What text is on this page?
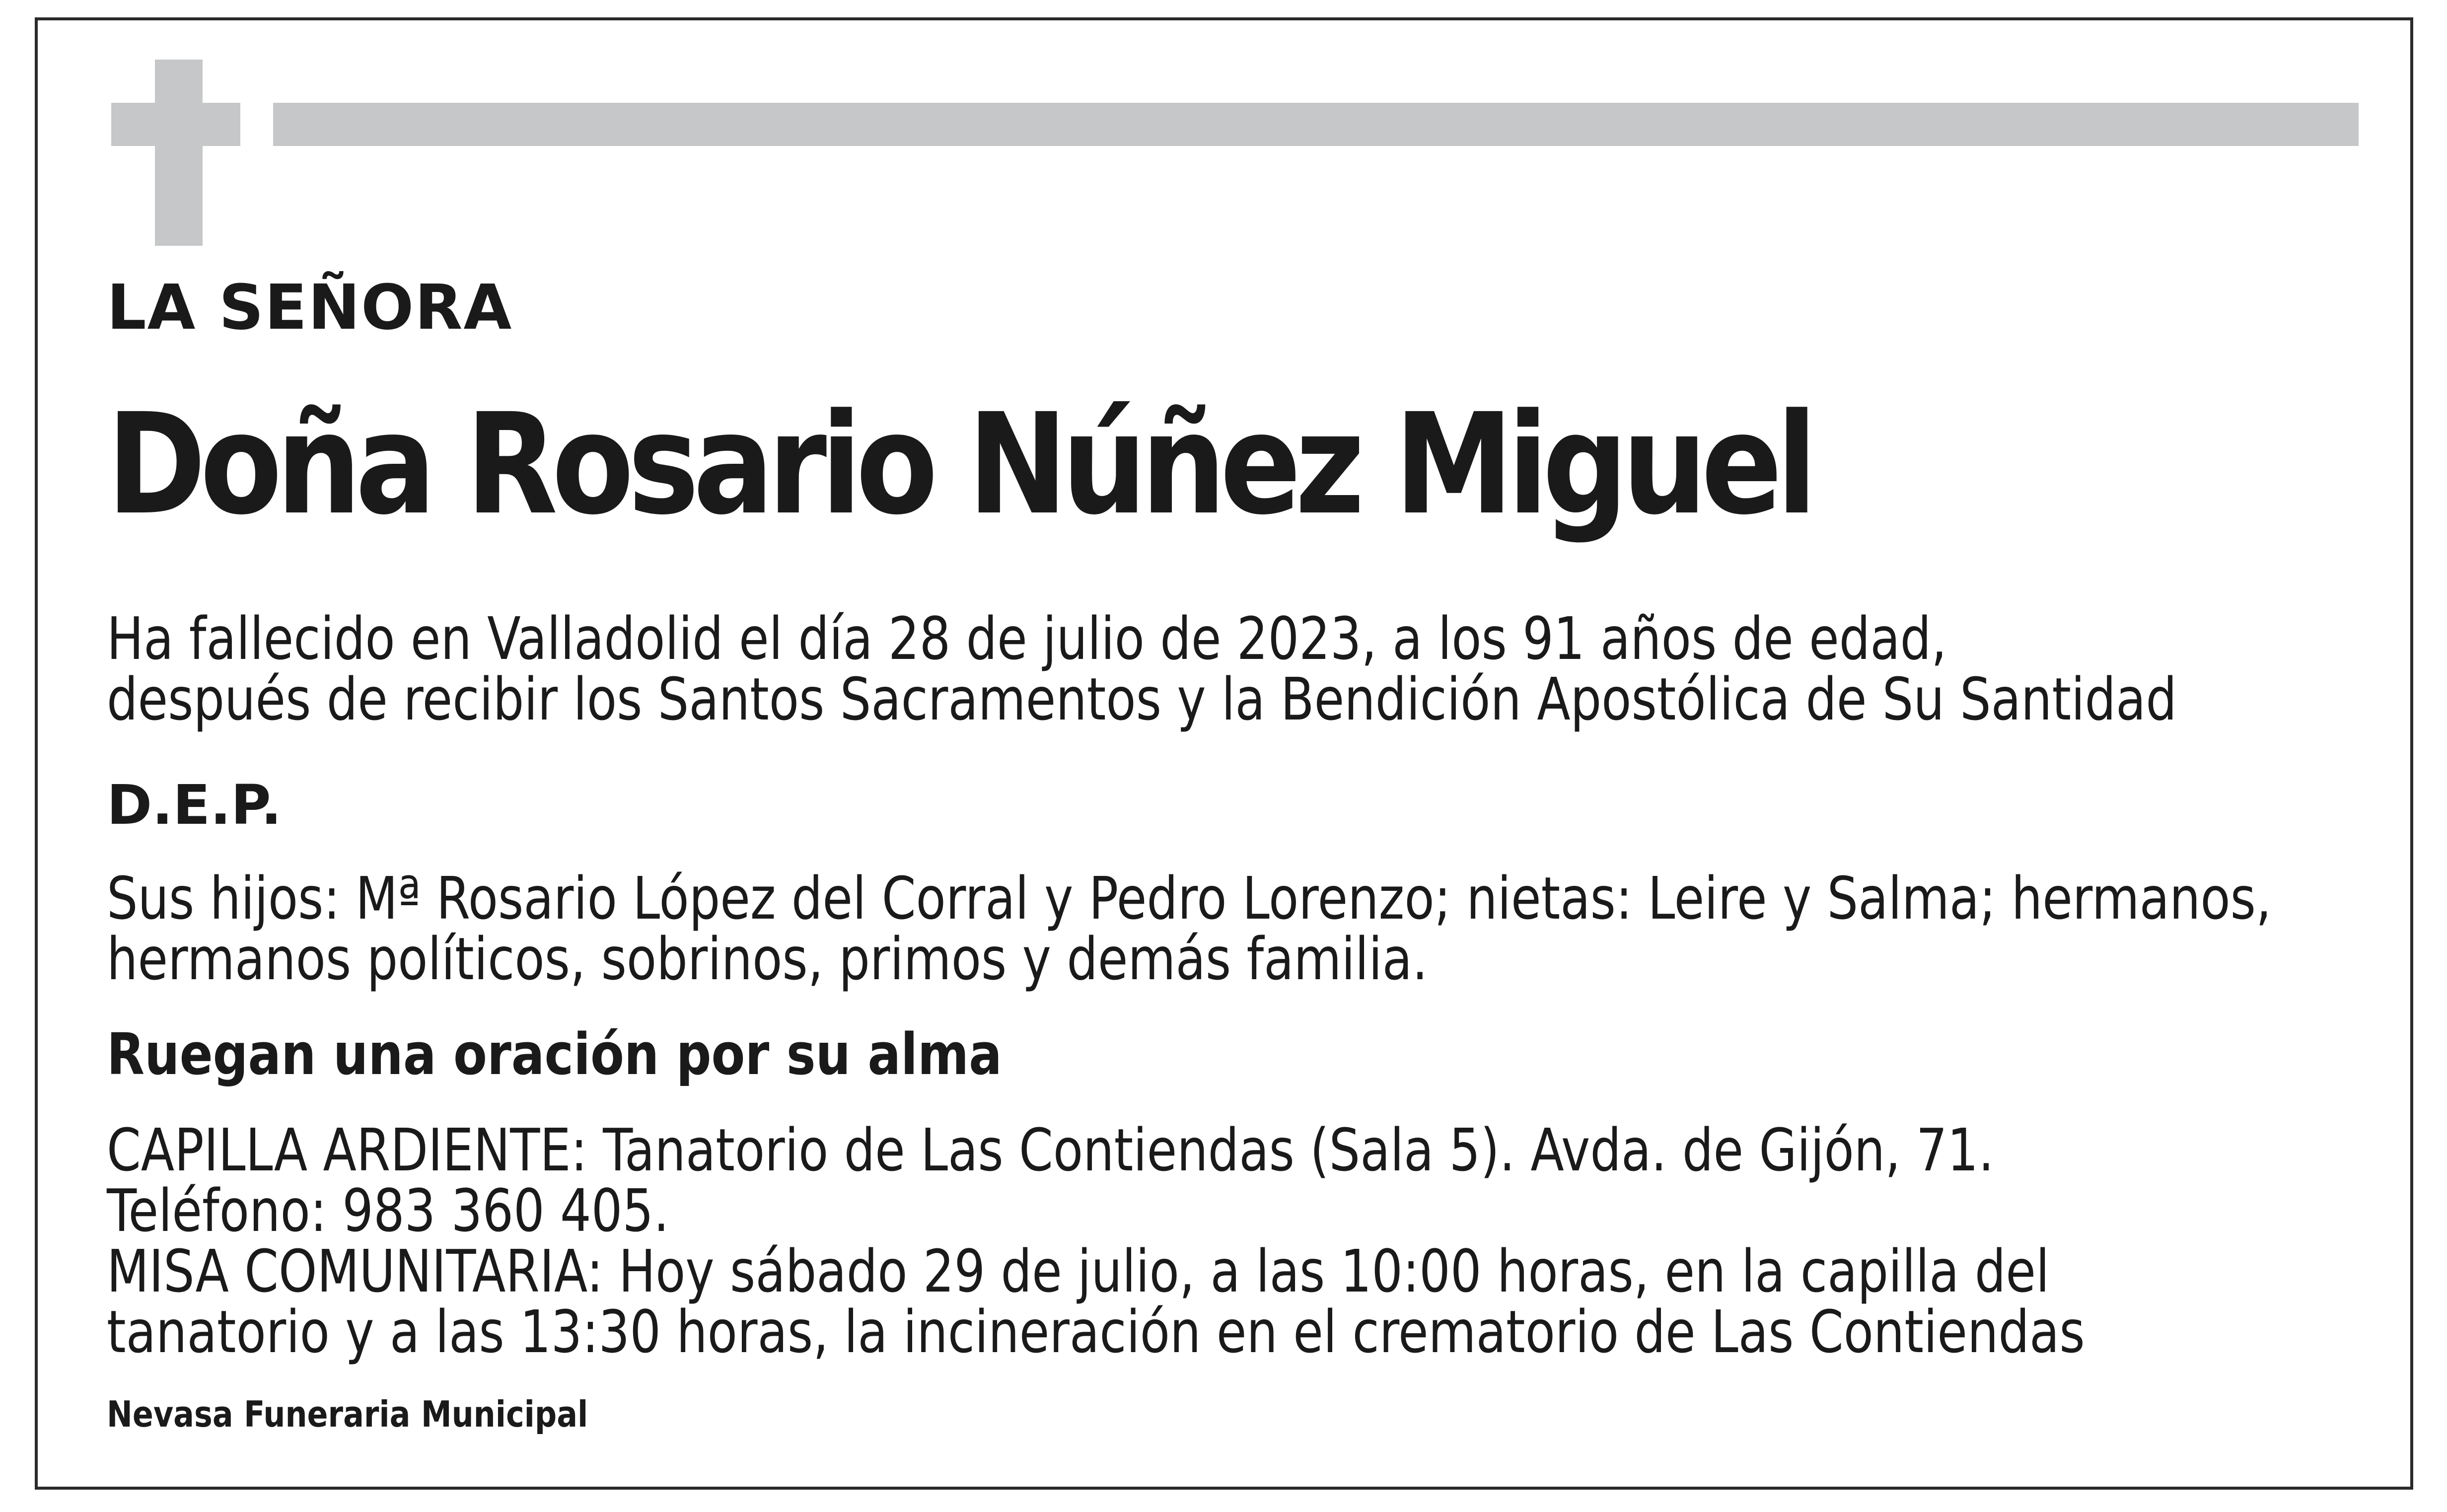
LA SEÑORA

Doña Rosario Núñez Miguel

Ha fallecido en Valladolid el día 28 de julio de 2023, a los 91 años de edad,
después de recibir los Santos Sacramentos y la Bendición Apostólica de Su Santidad

D.E.P.

Sus hijos: Mª Rosario López del Corral y Pedro Lorenzo; nietas: Leire y Salma; hermanos,
hermanos políticos, sobrinos, primos y demás familia.

Ruegan una oración por su alma

CAPILLA ARDIENTE: Tanatorio de Las Contiendas (Sala 5). Avda. de Gijón, 71.
Teléfono: 983 360 405.
MISA COMUNITARIA: Hoy sábado 29 de julio, a las 10:00 horas, en la capilla del
tanatorio y a las 13:30 horas, la incineración en el crematorio de Las Contiendas

Nevasa Funeraria Municipal
